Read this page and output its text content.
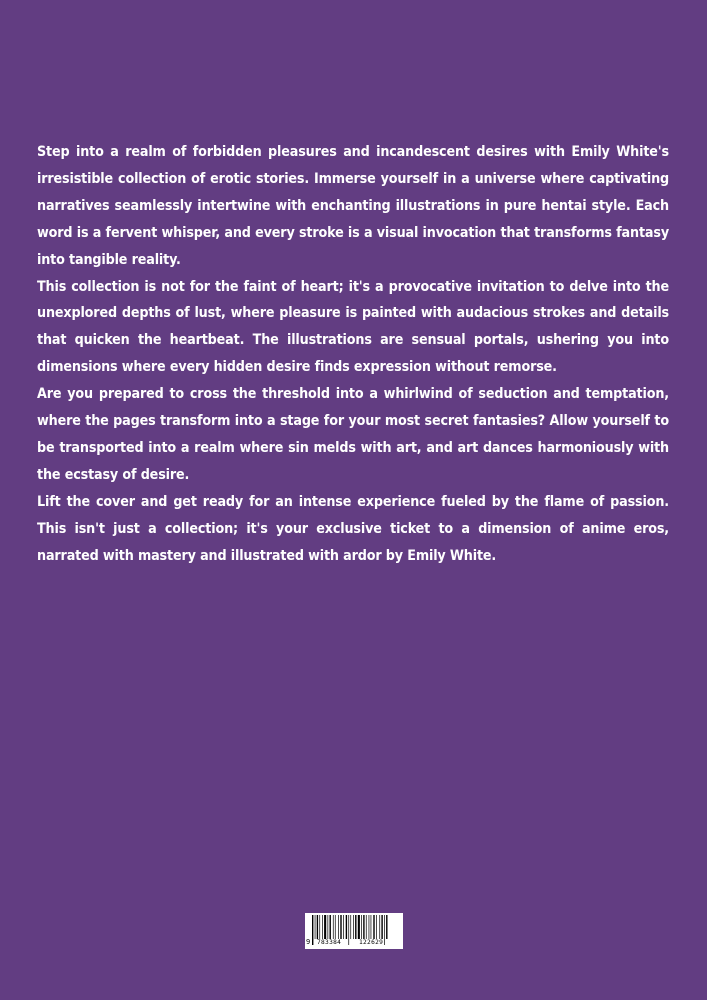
Step into a realm of forbidden pleasures and incandescent desires with Emily White's irresistible collection of erotic stories. Immerse yourself in a universe where captivating narratives seamlessly intertwine with enchanting illustrations in pure hentai style. Each word is a fervent whisper, and every stroke is a visual invocation that transforms fantasy into tangible reality.

This collection is not for the faint of heart; it's a provocative invitation to delve into the unexplored depths of lust, where pleasure is painted with audacious strokes and details that quicken the heartbeat. The illustrations are sensual portals, ushering you into dimensions where every hidden desire finds expression without remorse.

Are you prepared to cross the threshold into a whirlwind of seduction and temptation, where the pages transform into a stage for your most secret fantasies? Allow yourself to be transported into a realm where sin melds with art, and art dances harmoniously with the ecstasy of desire.

Lift the cover and get ready for an intense experience fueled by the flame of passion. This isn't just a collection; it's your exclusive ticket to a dimension of anime eros, narrated with mastery and illustrated with ardor by Emily White.

9 783384	122629
